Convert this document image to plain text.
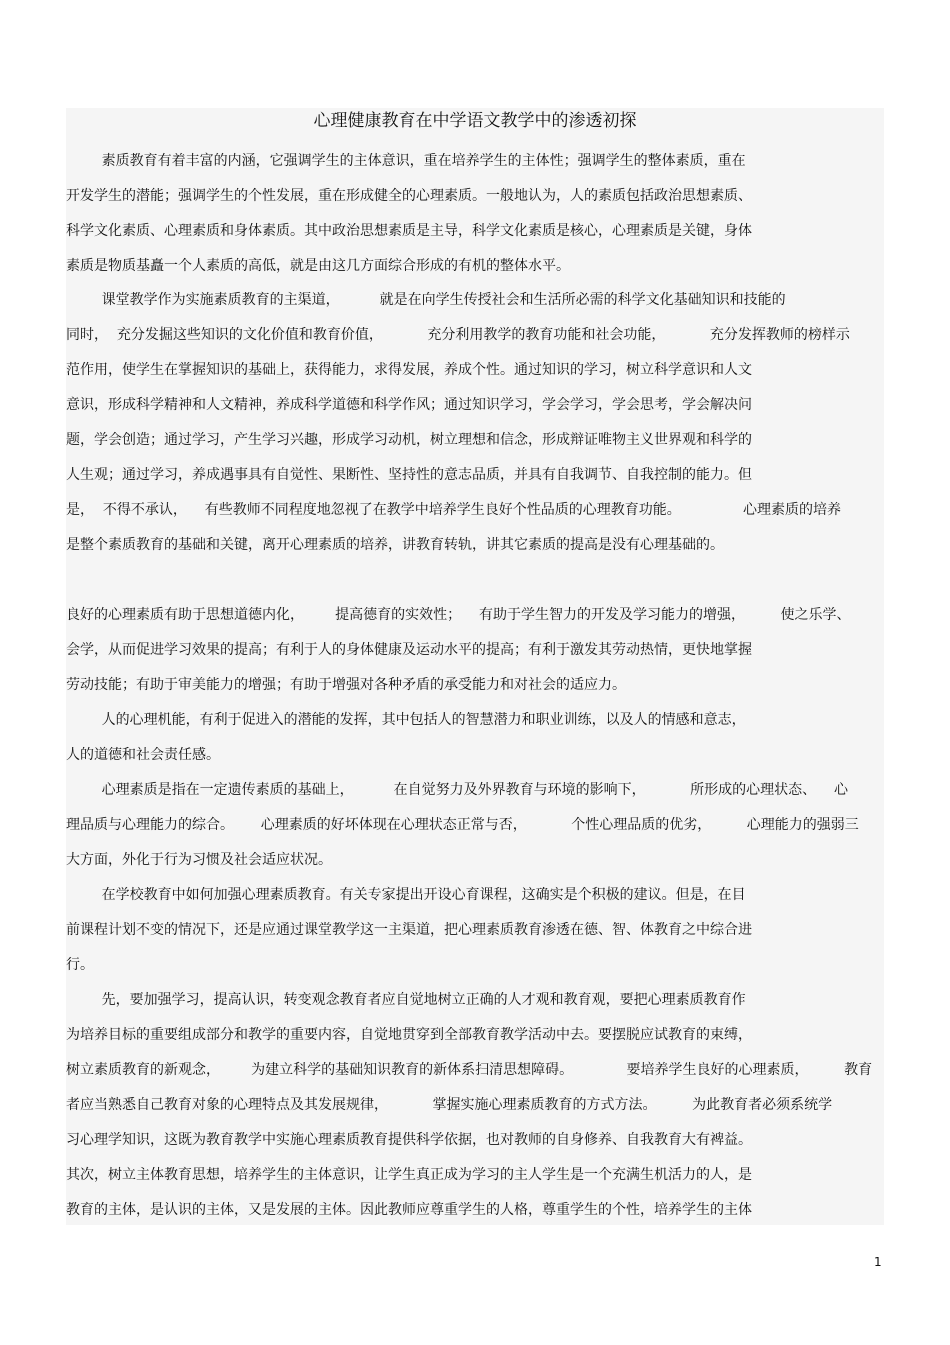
心理健康教育在中学语文教学中的渗透初探
素质教育有着丰富的内涵，它强调学生的主体意识，重在培养学生的主体性；强调学生的整体素质，重在
开发学生的潜能；强调学生的个性发展，重在形成健全的心理素质。一般地认为，人的素质包括政治思想素质、
科学文化素质、心理素质和身体素质。其中政治思想素质是主导，科学文化素质是核心，心理素质是关键，身体
素质是物质基矗一个人素质的高低，就是由这几方面综合形成的有机的整体水平。
课堂教学作为实施素质教育的主渠道，         就是在向学生传授社会和生活所必需的科学文化基础知识和技能的
同时，  充分发掘这些知识的文化价值和教育价值，          充分利用教学的教育功能和社会功能，          充分发挥教师的榜样示
范作用，使学生在掌握知识的基础上，获得能力，求得发展，养成个性。通过知识的学习，树立科学意识和人文
意识，形成科学精神和人文精神，养成科学道德和科学作风；通过知识学习，学会学习，学会思考，学会解决问
题，学会创造；通过学习，产生学习兴趣，形成学习动机，树立理想和信念，形成辩证唯物主义世界观和科学的
人生观；通过学习，养成遇事具有自觉性、果断性、坚持性的意志品质，并具有自我调节、自我控制的能力。但
是，  不得不承认，    有些教师不同程度地忽视了在教学中培养学生良好个性品质的心理教育功能。              心理素质的培养
是整个素质教育的基础和关键，离开心理素质的培养，讲教育转轨，讲其它素质的提高是没有心理基础的。
良好的心理素质有助于思想道德内化，       提高德育的实效性；    有助于学生智力的开发及学习能力的增强，        使之乐学、
会学，从而促进学习效果的提高；有利于人的身体健康及运动水平的提高；有利于激发其劳动热情，更快地掌握
劳动技能；有助于审美能力的增强；有助于增强对各种矛盾的承受能力和对社会的适应力。
人的心理机能，有利于促进入的潜能的发挥，其中包括人的智慧潜力和职业训练，以及人的情感和意志，
人的道德和社会责任感。
心理素质是指在一定遗传素质的基础上，         在自觉努力及外界教育与环境的影响下，          所形成的心理状态、    心
理品质与心理能力的综合。      心理素质的好坏体现在心理状态正常与否，          个性心理品质的优劣，        心理能力的强弱三
大方面，外化于行为习惯及社会适应状况。
在学校教育中如何加强心理素质教育。有关专家提出开设心育课程，这确实是个积极的建议。但是，在目
前课程计划不变的情况下，还是应通过课堂教学这一主渠道，把心理素质教育渗透在德、智、体教育之中综合进
行。
先，要加强学习，提高认识，转变观念教育者应自觉地树立正确的人才观和教育观，要把心理素质教育作
为培养目标的重要组成部分和教学的重要内容，自觉地贯穿到全部教育教学活动中去。要摆脱应试教育的束缚，
树立素质教育的新观念，       为建立科学的基础知识教育的新体系扫清思想障碍。            要培养学生良好的心理素质，        教育
者应当熟悉自己教育对象的心理特点及其发展规律，          掌握实施心理素质教育的方式方法。        为此教育者必须系统学
习心理学知识，这既为教育教学中实施心理素质教育提供科学依据，也对教师的自身修养、自我教育大有裨益。
其次，树立主体教育思想，培养学生的主体意识，让学生真正成为学习的主人学生是一个充满生机活力的人，是
教育的主体，是认识的主体，又是发展的主体。因此教师应尊重学生的人格，尊重学生的个性，培养学生的主体
1
